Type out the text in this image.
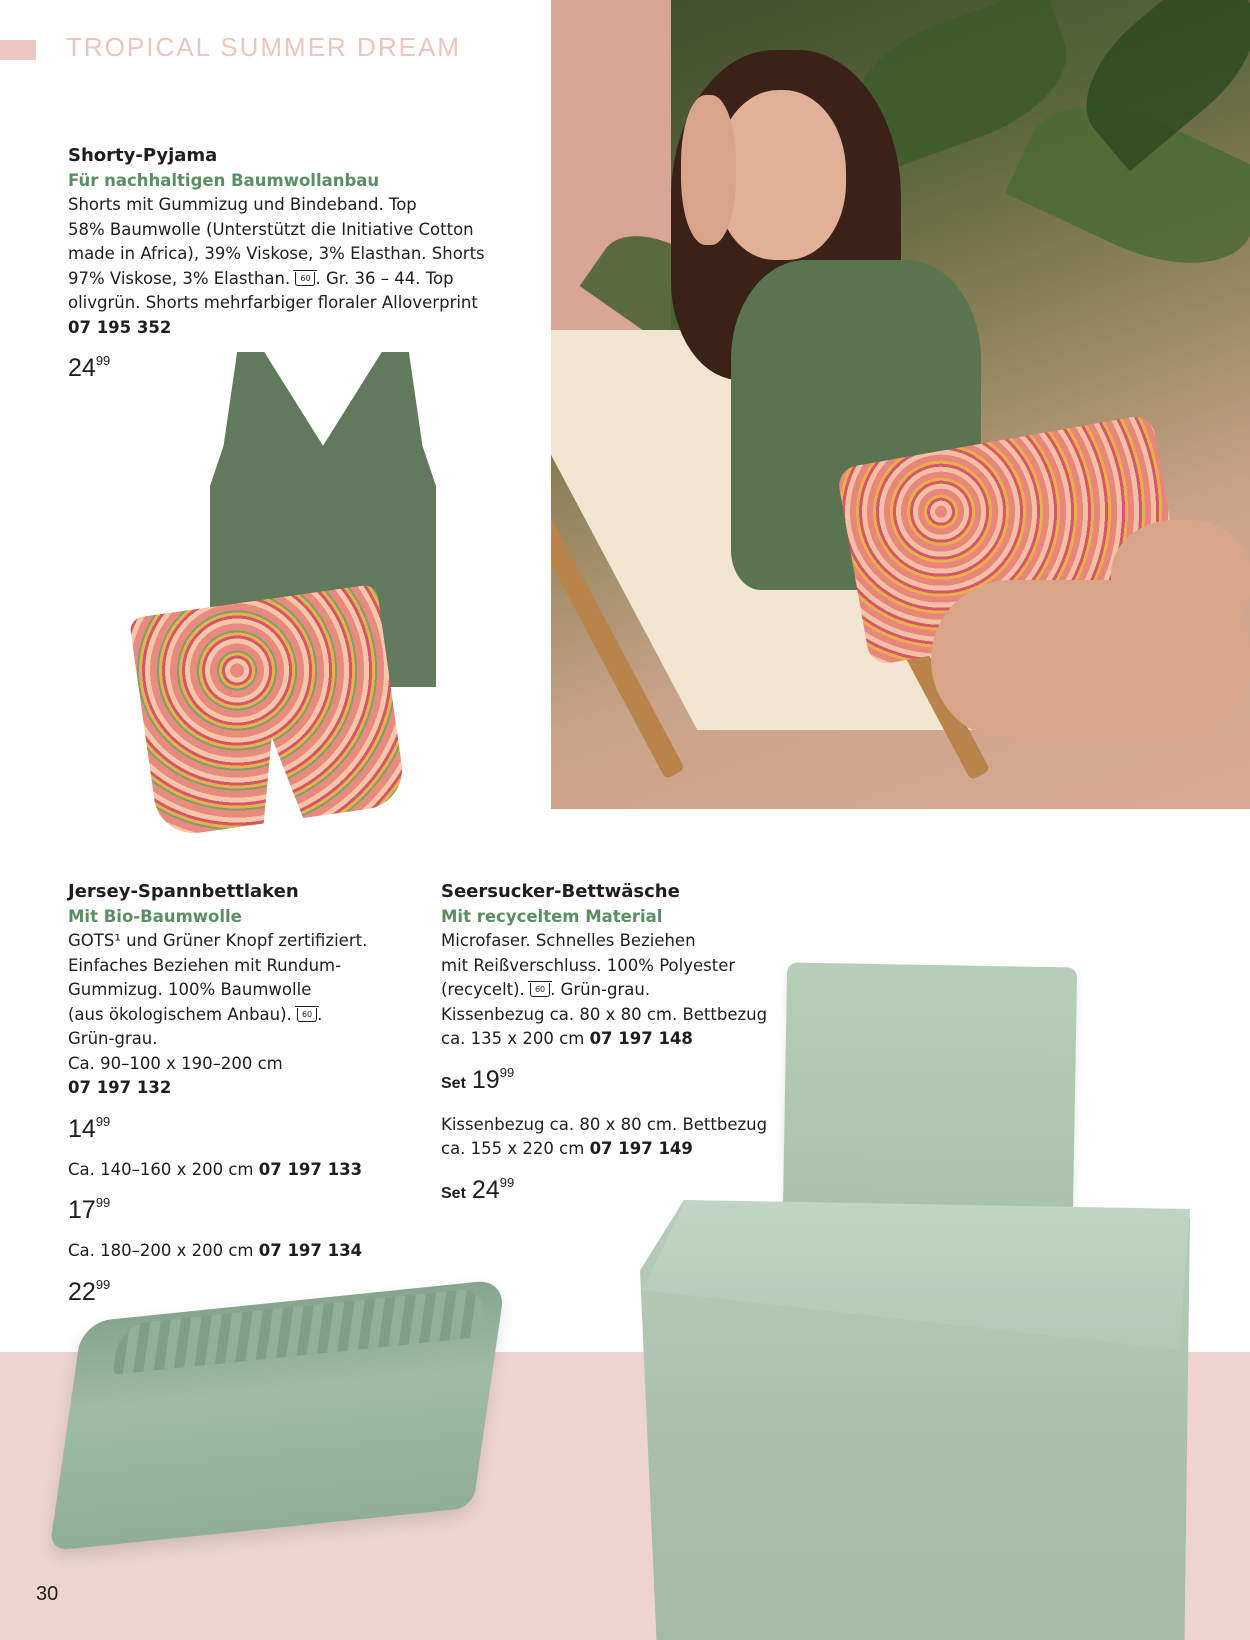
TROPICAL SUMMER DREAM
Shorty-Pyjama
Für nachhaltigen Baumwollanbau
Shorts mit Gummizug und Bindeband. Top
58% Baumwolle (Unterstützt die Initiative Cotton
made in Africa), 39% Viskose, 3% Elasthan. Shorts
97% Viskose, 3% Elasthan.	60 . Gr. 36 – 44. Top
olivgrün. Shorts mehrfarbiger floraler Alloverprint
07 195 352
$24^{99}$
Jersey-Spannbettlaken
Mit Bio-Baumwolle
GOTS¹ und Grüner Knopf zertifiziert.
Einfaches Beziehen mit Rundum-
Gummizug. 100% Baumwolle
(aus ökologischem Anbau).	60 .
Grün-grau.
Ca. 90–100 x 190–200 cm
07 197 132
$14^{99}$
Ca. 140–160 x 200 cm 07 197 133
$17^{99}$
Ca. 180–200 x 200 cm 07 197 134
$22^{99}$
Seersucker-Bettwäsche
Mit recyceltem Material
Microfaser. Schnelles Beziehen
mit Reißverschluss. 100% Polyester
(recycelt).	60 . Grün-grau.
Kissenbezug ca. 80 x 80 cm. Bettbezug
ca. 135 x 200 cm 07 197 148
Set $19^{99}$
Kissenbezug ca. 80 x 80 cm. Bettbezug
ca. 155 x 220 cm 07 197 149
Set $24^{99}$
30
